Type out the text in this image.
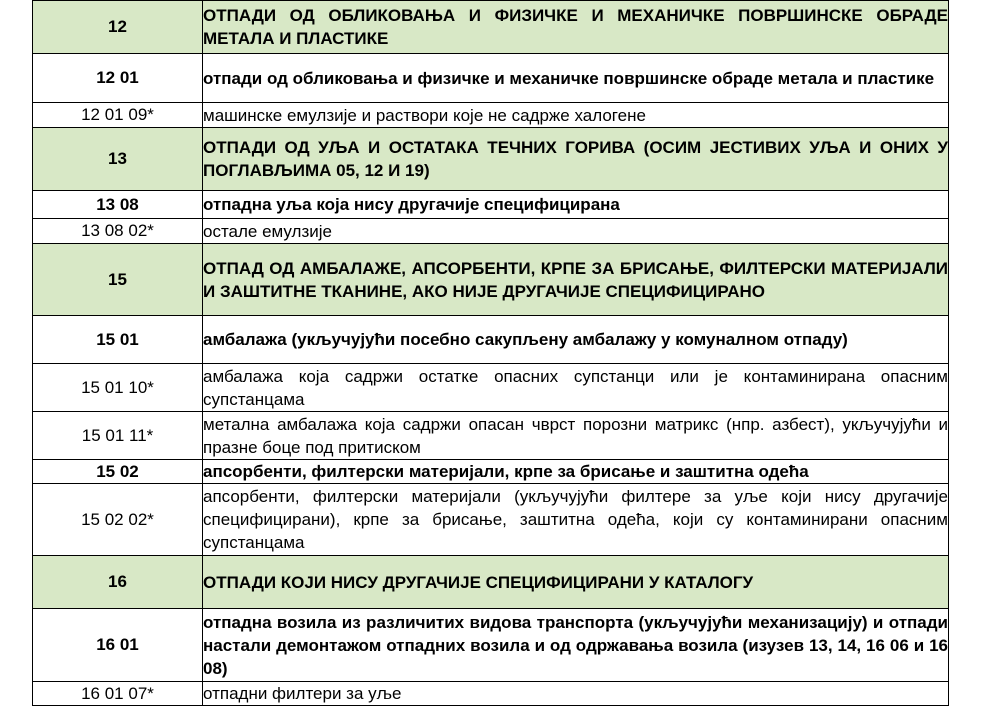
12	ОТПАДИ ОД ОБЛИКОВАЊА И ФИЗИЧКЕ И МЕХАНИЧКЕ ПОВРШИНСКЕ ОБРАДЕ МЕТАЛА И ПЛАСТИКЕ

12 01	отпади од обликовања и физичке и механичке површинске обраде метала и пластике

12 01 09*	машинске емулзије и раствори које не садрже халогене

13	ОТПАДИ ОД УЉА И ОСТАТАКА ТЕЧНИХ ГОРИВА (ОСИМ ЈЕСТИВИХ УЉА И ОНИХ У ПОГЛАВЉИМА 05, 12 И 19)

13 08	отпадна уља која нису другачије специфицирана

13 08 02*	остале емулзије

15	ОТПАД ОД АМБАЛАЖЕ, АПСОРБЕНТИ, КРПЕ ЗА БРИСАЊЕ, ФИЛТЕРСКИ МАТЕРИЈАЛИ И ЗАШТИТНЕ ТКАНИНЕ, АКО НИЈЕ ДРУГАЧИЈЕ СПЕЦИФИЦИРАНО

15 01	амбалажа (укључујући посебно сакупљену амбалажу у комуналном отпаду)

15 01 10*	амбалажа која садржи остатке опасних супстанци или је контаминирана опасним супстанцама

15 01 11*	метална амбалажа која садржи опасан чврст порозни матрикс (нпр. азбест), укључујући и празне боце под притиском

15 02	апсорбенти, филтерски материјали, крпе за брисање и заштитна одећа

15 02 02*	апсорбенти, филтерски материјали (укључујући филтере за уље који нису другачије специфицирани), крпе за брисање, заштитна одећа, који су контаминирани опасним супстанцама

16	ОТПАДИ КОЈИ НИСУ ДРУГАЧИЈЕ СПЕЦИФИЦИРАНИ У КАТАЛОГУ

16 01	отпадна возила из различитих видова транспорта (укључујући механизацију) и отпади настали демонтажом отпадних возила и од одржавања возила (изузев 13, 14, 16 06 и 16 08)

16 01 07*	отпадни филтери за уље
